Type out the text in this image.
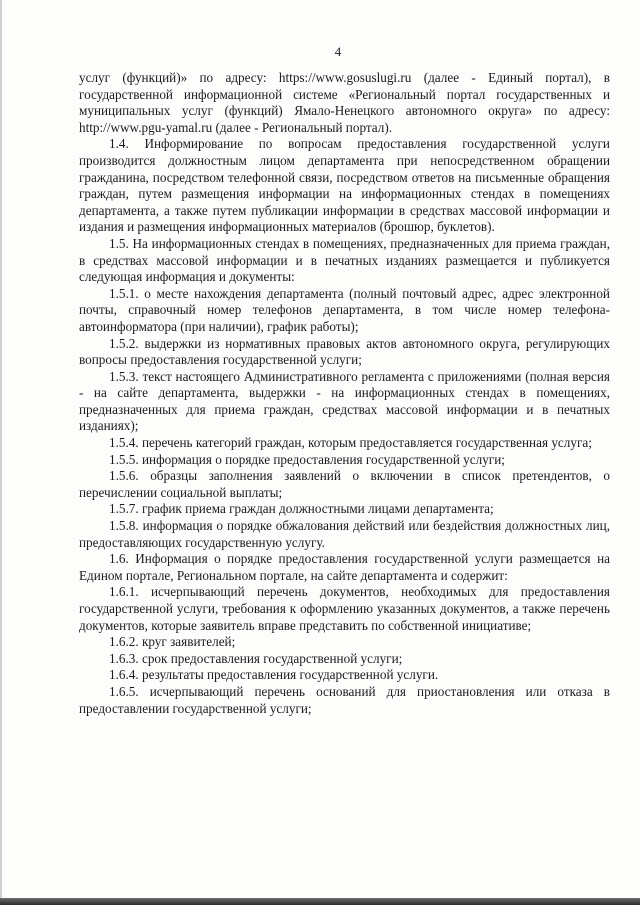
4

услуг (функций)» по адресу: https://www.gosuslugi.ru (далее - Единый портал), в государственной информационной системе «Региональный портал государственных и муниципальных услуг (функций) Ямало-Ненецкого автономного округа» по адресу: http://www.pgu-yamal.ru (далее - Региональный портал).

1.4. Информирование по вопросам предоставления государственной услуги производится должностным лицом департамента при непосредственном обращении гражданина, посредством телефонной связи, посредством ответов на письменные обращения граждан, путем размещения информации на информационных стендах в помещениях департамента, а также путем публикации информации в средствах массовой информации и издания и размещения информационных материалов (брошюр, буклетов).

1.5. На информационных стендах в помещениях, предназначенных для приема граждан, в средствах массовой информации и в печатных изданиях размещается и публикуется следующая информация и документы:

1.5.1. о месте нахождения департамента (полный почтовый адрес, адрес электронной почты, справочный номер телефонов департамента, в том числе номер телефона-автоинформатора (при наличии), график работы);

1.5.2. выдержки из нормативных правовых актов автономного округа, регулирующих вопросы предоставления государственной услуги;

1.5.3. текст настоящего Административного регламента с приложениями (полная версия - на сайте департамента, выдержки - на информационных стендах в помещениях, предназначенных для приема граждан, средствах массовой информации и в печатных изданиях);

1.5.4. перечень категорий граждан, которым предоставляется государственная услуга;

1.5.5. информация о порядке предоставления государственной услуги;

1.5.6. образцы заполнения заявлений о включении в список претендентов, о перечислении социальной выплаты;

1.5.7. график приема граждан должностными лицами департамента;

1.5.8. информация о порядке обжалования действий или бездействия должностных лиц, предоставляющих государственную услугу.

1.6. Информация о порядке предоставления государственной услуги размещается на Едином портале, Региональном портале, на сайте департамента и содержит:

1.6.1. исчерпывающий перечень документов, необходимых для предоставления государственной услуги, требования к оформлению указанных документов, а также перечень документов, которые заявитель вправе представить по собственной инициативе;

1.6.2. круг заявителей;

1.6.3. срок предоставления государственной услуги;

1.6.4. результаты предоставления государственной услуги.

1.6.5. исчерпывающий перечень оснований для приостановления или отказа в предоставлении государственной услуги;
